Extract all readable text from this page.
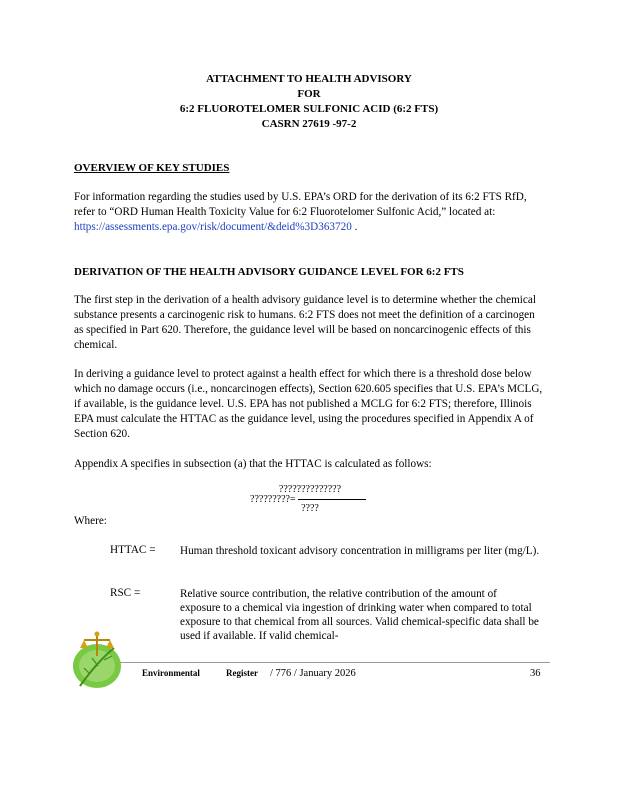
ATTACHMENT TO HEALTH ADVISORY
FOR
6:2 FLUOROTELOMER SULFONIC ACID (6:2 FTS)
CASRN 27619 -97-2
OVERVIEW OF KEY STUDIES

For information regarding the studies used by U.S. EPA’s ORD for the derivation of its 6:2 FTS RfD, refer to “ORD Human Health Toxicity Value for 6:2 Fluorotelomer Sulfonic Acid,” located at: https://assessments.epa.gov/risk/document/&deid%3D363720 .

DERIVATION OF THE HEALTH ADVISORY GUIDANCE LEVEL FOR 6:2 FTS
The first step in the derivation of a health advisory guidance level is to determine whether the chemical substance presents a carcinogenic risk to humans. 6:2 FTS does not meet the definition of a carcinogen as specified in Part 620. Therefore, the guidance level will be based on noncarcinogenic effects of this chemical.
In deriving a guidance level to protect against a health effect for which there is a threshold dose below which no damage occurs (i.e., noncarcinogen effects), Section 620.605 specifies that U.S. EPA’s MCLG, if available, is the guidance level. U.S. EPA has not published a MCLG for 6:2 FTS; therefore, Illinois EPA must calculate the HTTAC as the guidance level, using the procedures specified in Appendix A of Section 620.
Appendix A specifies in subsection (a) that the HTTAC is calculated as follows:
??????????????
?????????=
????
Where:
HTTAC = Human threshold toxicant advisory concentration in milligrams per liter (mg/L).
RSC =	Relative source contribution, the relative contribution of the amount of exposure to a chemical via ingestion of drinking water when compared to total exposure to that chemical from all sources. Valid chemical-specific data shall be used if available. If valid chemical-
Environmental	Register / 776 / January 2026	36
